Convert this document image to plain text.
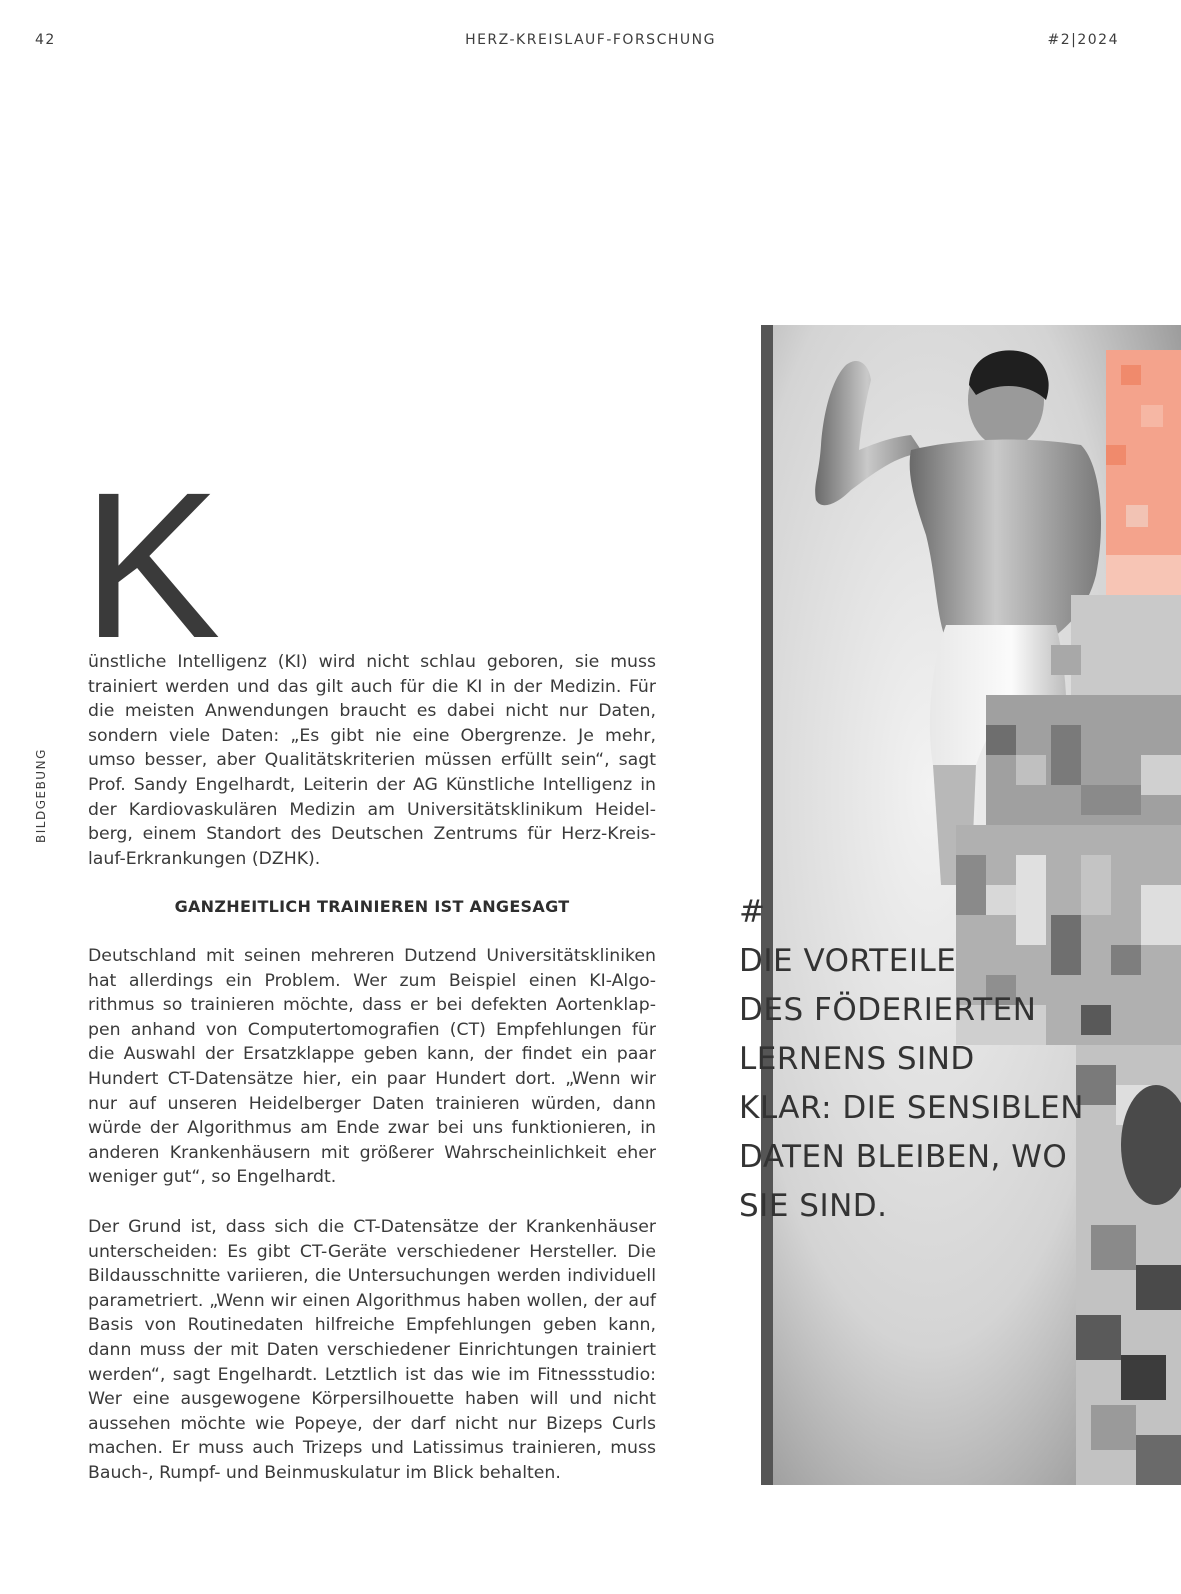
42	HERZ-KREISLAUF-FORSCHUNG	#2|2024
BILDGEBUNG
K

ünstliche Intelligenz (KI) wird nicht schlau geboren, sie muss trainiert werden und das gilt auch für die KI in der Medizin. Für die meisten Anwendungen braucht es dabei nicht nur Daten, sondern viele Daten: „Es gibt nie eine Obergrenze. Je mehr, umso besser, aber Qualitätskriterien müssen erfüllt sein“, sagt Prof. Sandy Engelhardt, Leiterin der AG Künstliche Intelligenz in der Kardiovaskulären Medizin am Universitätsklinikum Heidelberg, einem Standort des Deutschen Zentrums für Herz-Kreislauf-Erkrankungen (DZHK).

GANZHEITLICH TRAINIEREN IST ANGESAGT

Deutschland mit seinen mehreren Dutzend Universitätskliniken hat allerdings ein Problem. Wer zum Beispiel einen KI-Algorithmus so trainieren möchte, dass er bei defekten Aortenklappen anhand von Computertomografien (CT) Empfehlungen für die Auswahl der Ersatzklappe geben kann, der findet ein paar Hundert CT-Datensätze hier, ein paar Hundert dort. „Wenn wir nur auf unseren Heidelberger Daten trainieren würden, dann würde der Algorithmus am Ende zwar bei uns funktionieren, in anderen Krankenhäusern mit größerer Wahrscheinlichkeit eher weniger gut“, so Engelhardt.

Der Grund ist, dass sich die CT-Datensätze der Krankenhäuser unterscheiden: Es gibt CT-Geräte verschiedener Hersteller. Die Bildausschnitte variieren, die Untersuchungen werden individuell parametriert. „Wenn wir einen Algorithmus haben wollen, der auf Basis von Routinedaten hilfreiche Empfehlungen geben kann, dann muss der mit Daten verschiedener Einrichtungen trainiert werden“, sagt Engelhardt. Letztlich ist das wie im Fitnessstudio: Wer eine ausgewogene Körpersilhouette haben will und nicht aussehen möchte wie Popeye, der darf nicht nur Bizeps Curls machen. Er muss auch Trizeps und Latissimus trainieren, muss Bauch-, Rumpf- und Beinmuskulatur im Blick behalten.

#
DIE VORTEILE
DES FÖDERIERTEN
LERNENS SIND
KLAR: DIE SENSIBLEN
DATEN BLEIBEN, WO
SIE SIND.
